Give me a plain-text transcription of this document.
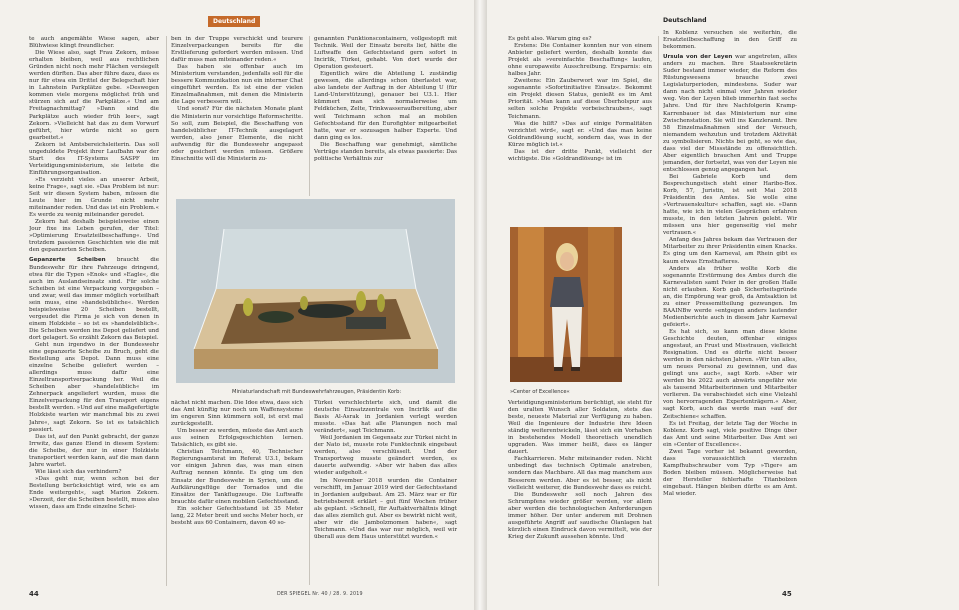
Deutschland	Deutschland

te auch angemähte Wiese sagen, aber Blühwiese klingt freundlicher.

Die Wiese also, sagt Frau Zekorn, müsse erhalten bleiben, weil aus rechtlichen Gründen nicht noch mehr Flächen versiegelt werden dürften. Das aber führe dazu, dass es nur für etwa ein Drittel der Belegschaft hier in Lahnstein Parkplätze gebe. »Deswegen kommen viele morgens möglichst früh und stürzen sich auf die Parkplätze.« Und am Freitagnachmittag? »Dann sind die Parkplätze auch wieder früh leer«, sagt Zekorn. »Vielleicht hat das zu dem Vorwurf geführt, hier würde nicht so gern gearbeitet.«

Zekorn ist Amtsbereichsleiterin. Das soll ungeduldete Projekt ihrer Laufbahn war der Start des IT-Systems SASPF im Verteidigungsministerium, sie leitete die Einführungsorganisation.

»Es verzieht vieles an unserer Arbeit, keine Frage«, sagt sie. »Das Problem ist nur: Seit wir diesen System haben, müssen die Leute hier im Grunde nicht mehr miteinander reden. Und das ist ein Problem.« Es werde zu wenig miteinander geredet.

Zekorn hat deshalb beispielsweise einen Jour fixe ins Leben gerufen, der Titel: »Optimierung Ersatzteilbeschaffung«. Und trotzdem passieren Geschichten wie die mit den gepanzerten Scheiben.

Gepanzerte Scheiben braucht die Bundeswehr für ihre Fahrzeuge dringend, etwa für die Typen »Enok« und »Eagle«, die auch im Auslandseinsatz sind. Für solche Scheiben ist eine Verpackung vorgegeben – und zwar, weil das immer möglich vorteilhaft sein muss, eine »handelsübliche«. Werden beispielsweise 20 Scheiben bestellt, vergeudet die Firma je sich von denen in einem Holzkiste – so ist es »handelsüblich«. Die Scheiben werden ins Depot geliefert und dort gelagert. So erzählt Zekorn das Beispiel.

Geht nun irgendwo in der Bundeswehr eine gepanzerte Scheibe zu Bruch, geht die Bestellung ans Depot. Dann muss eine einzelne Scheibe geliefert werden – allerdings muss dafür eine Einzeltransportverpackung her. Weil die Scheiben aber »handelsüblich« im Zehnerpack angeliefert wurden, muss die Einzelverpackung für den Transport eigens bestellt werden. »Und auf eine maßgefertigte Holzkiste warten wir manchmal bis zu zwei Jahre«, sagt Zekorn. So ist es tatsächlich passiert.

Das ist, auf den Punkt gebracht, der ganze Irrwitz, das ganze Elend in diesem System: die Scheibe, der nur in einer Holzkiste transportiert werden kann, auf die man dann Jahre wartet.

Wie lässt sich das verhindern?

»Das geht nur, wenn schon bei der Bestellung berücksichtigt wird, wie es am Ende weitergeht«, sagt Marion Zekorn. »Derzeit, der die Scheiben bestellt, muss also wissen, dass am Ende einzelne Schei-

ben in der Truppe verschickt und teurere Einzelverpackungen bereits für die Erstlieferung gefordert werden müssen. Und dafür muss man miteinander reden.«

Das haben sie offenbar auch im Ministerium verstanden, jedenfalls soll für die bessere Kommunikation nun ein interner Chat eingeführt werden. Es ist eine der vielen Einzelmaßnahmen, mit denen die Ministerin die Lage verbessern will.

Und sonst? Für die nächsten Monate plant die Ministerin nur vorsichtige Reformschritte. So soll, zum Beispiel, die Beschaffung von handelsüblicher IT-Technik ausgelagert werden, also jener Elemente, die nicht aufwendig für die Bundeswehr angepasst oder gesichert werden müssen. Größere Einschnitte will die Ministerin zu-

genannten Funktionscontainern, vollgestopft mit Technik. Weil der Einsatz bereits lief, hätte die Luftwaffe den Gefechtsstand gern sofort in Incirlik, Türkei, gehabt. Von dort wurde der Operation gesteuert.

Eigentlich wäre die Abteilung L zuständig gewesen, die allerdings schon überlastet war, also landete der Auftrag in der Abteilung U (für Land-Unterstützung), genauer bei U3.1. Hier kümmert man sich normalerweise um Feldküchen, Zelte, Trinkwasseraufbereitung, aber weil Teichmann schon mal an mobilen Gefechtsstand für den Eurofighter mitgearbeitet hatte, war er sozusagen halber Experte. Und dann ging es los.

Die Beschaffung war genehmigt, sämtliche Verträge standen bereits, als etwas passierte: Das politische Verhältnis zur

Miniaturlandschaft mit Bundeswehrfahrzeugen, Präsidentin Korb:

nächst nicht machen. Die Idee etwa, dass sich das Amt künftig nur noch um Waffensysteme im engeren Sinn kümmern soll, ist erst mal zurückgestellt.

Um besser zu werden, müsste das Amt auch aus seinen Erfolgsgeschichten lernen. Tatsächlich, es gibt sie.

Christian Teichmann, 40, Technischer Regierungsamtsrat im Referat U3.1, bekam vor einigen Jahren das, was man einen Auftrag nennen könnte. Es ging um den Einsatz der Bundeswehr in Syrien, um die Aufklärungsflüge der Tornados und die Einsätze der Tankflugzeuge. Die Luftwaffe brauchte dafür einen mobilen Gefechtsstand.

Ein solcher Gefechtsstand ist 35 Meter lang, 22 Meter breit und sechs Meter hoch, er besteht aus 60 Containern, davon 40 so-

Türkei verschlechterte sich, und damit die deutsche Einsatzzentrale von Incirlik auf die Basis Al-Asrak in Jordanien verlegt werden musste. »Das hat alle Planungen noch mal verändert«, sagt Teichmann.

Weil Jordanien im Gegensatz zur Türkei nicht in der Nato ist, musste rote Funktechnik eingebaut werden, also verschlüsselt. Und der Transportweg musste geändert werden, es dauerte aufwendig. »Aber wir haben das alles wieder aufgeholt.«

Im November 2018 wurden die Container verschifft, im Januar 2019 wird der Gefechtsstand in Jordanien aufgebaut. Am 25. März war er für betriebsbereit erklärt – gut fünf Wochen früher als geplant. »Schnell, für Auftaktverhältnis klingt das alles ziemlich gut. Aber es bewirkt nicht weit, aber wir die Jambolzmomen haben«, sagt Teichmann. »Und das war nur möglich, weil wir überall aus dem Haus unterstützt wurden.«

Es geht also. Warum ging es?

Erstens: Die Container konnten nur von einem Anbieter geliefert werden, deshalb konnte das Projekt als »vereinfachte Beschaffung« laufen, ohne europaweite Ausschreibung. Ersparnis: ein halbes Jahr.

Zweitens: Ein Zauberwort war im Spiel, die sogenannte »Sofortinitiative Einsatz«. Bekommt ein Projekt diesen Status, genießt es im Amt Priorität. »Man kann auf diese Überholspur aus selten solche Projekte vorbeischrauben«, sagt Teichmann.

Was die hilft? »Das auf einige Formalitäten verzichtet wird«, sagt er. »Und das man keine Goldrandlösung sucht, sondern das, was in der Kürze möglich ist.«

Das ist der dritte Punkt, vielleicht der wichtigste. Die »Goldrandlösung« ist im

»Center of Excellence«

Verteidigungsministerium berüchtigt, sie steht für den uralten Wunsch aller Soldaten, stets das beste, neueste Material zur Verfügung zu haben. Weil die Ingenieure der Industrie ihre Ideen ständig weiterentwickeln, lässt sich ein Vorhaben in bestehendes Modell theoretisch unendlich upgraden. Was immer heißt, dass es länger dauert.

Fachkarrieren. Mehr miteinander reden. Nicht unbedingt das technisch Optimale anstreben, sondern das Machbare. All das mag manchem aus Besserem werden. Aber es ist besser, als nicht vielleicht weiterer, die Bundeswehr dass es reicht.

Die Bundeswehr soll noch Jahren des Schrumpfens wieder größer werden, vor allem aber werden die technologischen Anforderungen immer höher. Der unter anderem mit Drohnen ausgeführte Angriff auf saudische Ölanlagen hat kürzlich einen Eindruck davon vermittelt, wie der Krieg der Zukunft aussehen könnte. Und

In Koblenz versuchen sie weiterhin, die Ersatzteilbeschaffung in den Griff zu bekommen.

Ursula von der Leyen war angetreten, alles anders zu machen. Ihre Staatssekretärin Suder bestand immer wieder, die Reform des Rüstungswesens brauche zwei Legislaturperioden, mindestens. Suder war dann nach nicht einmal vier Jahren wieder weg. Von der Leyen blieb immerhin fast sechs Jahre. Und für ihre Nachfolgerin Kramp-Karrenbauer ist das Ministerium nur eine Zwischenstation. Sie will ins Kanzleramt. Ihre 58 Einzelmaßnahmen sind der Versuch, niemandem wehzutun und trotzdem Aktivität zu symbolisieren. Nichts bei geht, so wie das, dass viel der Missstände zu offensichtlich. Aber eigentlich brauchen Amt und Truppe jemanden, der fortsetzt, was von der Leyen nie entschlossen genug angegangen hat.

Bei Gabriele Korb und dem Besprechungstisch steht einer Haribo-Box. Korb, 57, Juristin, ist seit Mai 2018 Präsidentin des Amtes. Sie wolle eine »Vertrauenskultur« schaffen, sagt sie. »Dann hatte, wie ich in vielen Gesprächen erfahren musste, in den letzten Jahren gelebt. Wir müssen uns hier gegenseitig viel mehr vertrauen.«

Anfang des Jahres bekam das Vertrauen der Mitarbeiter zu ihrer Präsidentin einen Knacks. Es ging um den Karneval, am Rhein gibt es kaum etwas Ernsthafteres.

Anders als früher wollte Korb die sogenannte Erstürmung des Amtes durch die Karnevalisten samt Feier in der großen Halle nicht erlauben. Korb gab Sicherheitsgründe an, die Empörung war groß, da Amtsaktion ist zu einer Pressemitteilung gezwungen. Im BAAINBw werde »entgegen anders lautender Medienberichte auch in diesem Jahr Karneval gefeiert«.

Es hat sich, so kann man diese kleine Geschichte deuten, offenbar einiges angestaut, an Frust und Misstrauen, vielleicht Resignation. Und es dürfte nicht besser werden in den nächsten Jahren. »Wir tun alles, um neues Personal zu gewinnen, und das gelingt uns auch«, sagt Korb. »Aber wir werden bis 2022 auch abwärts ungefähr wie als tausend Mitarbeiterinnen und Mitarbeiter verlieren. Da verabschiedet sich eine Vielzahl von hervorragenden Expertenträgern.« Aber, sagt Korb, auch das werde man »auf der Zeitschiene« schaffen.

Es ist Freitag, der letzte Tag der Woche in Koblenz. Korb sagt, viele positive Dinge über das Amt und seine Mitarbeiter. Das Amt sei ein »Center of Excellence«.

Zwei Tage vorher ist bekannt geworden, dass voraussichtlich vierzehn Kampfhubschrauber vom Typ »Tiger« am Boden bleiben müssen. Möglicherweise hat der Hersteller fehlerhafte Titanbolzen eingebaut. Hängen bleiben dürfte es am Amt. Mal wieder.

44	DER SPIEGEL Nr. 40 / 28. 9. 2019	45
